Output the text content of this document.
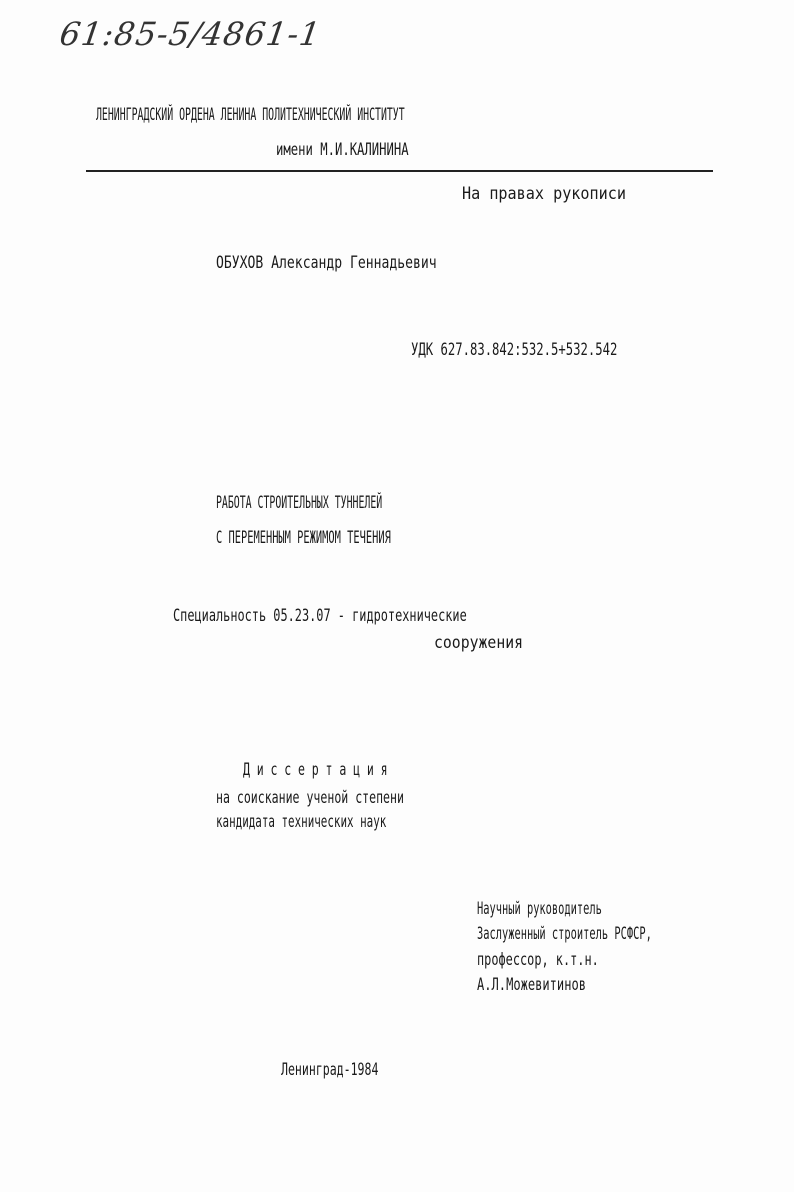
61:85-5/4861-1
ЛЕНИНГРАДСКИЙ ОРДЕНА ЛЕНИНА ПОЛИТЕХНИЧЕСКИЙ ИНСТИТУТ
имени М.И.КАЛИНИНА
На правах рукописи
ОБУХОВ Александр Геннадьевич
УДК 627.83.842:532.5+532.542
РАБОТА СТРОИТЕЛЬНЫХ ТУННЕЛЕЙ
С ПЕРЕМЕННЫМ РЕЖИМОМ ТЕЧЕНИЯ
Специальность 05.23.07 - гидротехнические
сооружения
Диссертация
на соискание ученой степени
кандидата технических наук
Научный руководитель
Заслуженный строитель РСФСР,
профессор, к.т.н.
А.Л.Можевитинов
Ленинград-1984
